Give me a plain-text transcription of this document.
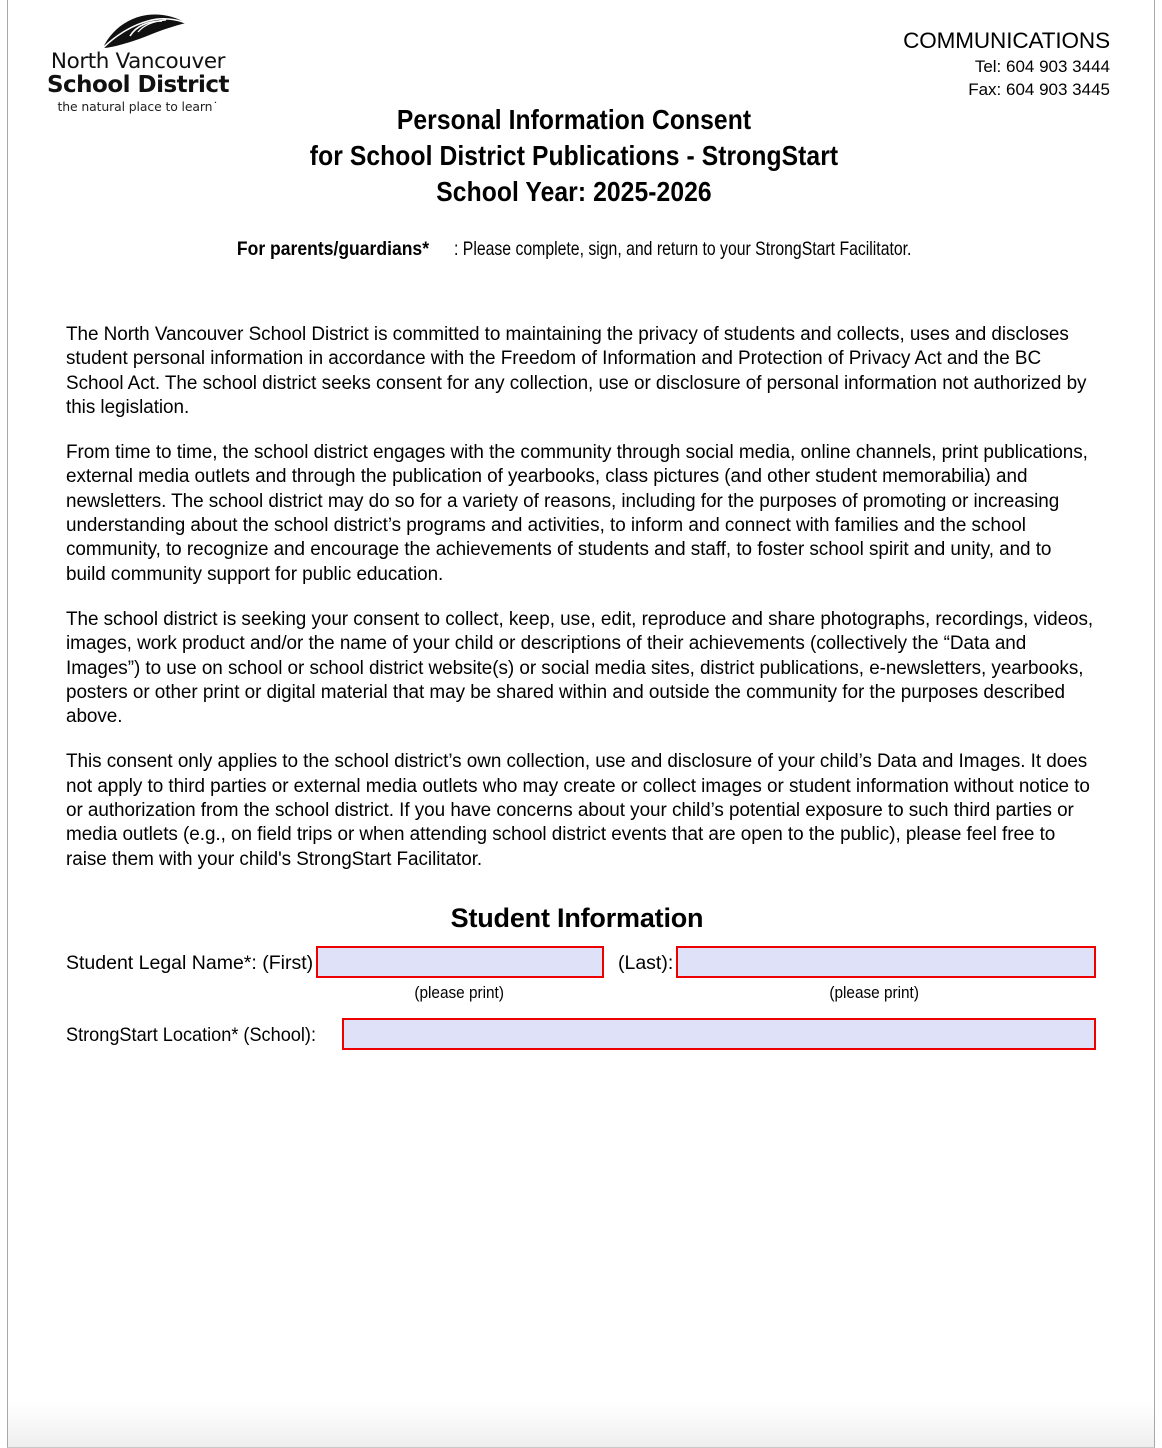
North Vancouver
School District
the natural place to learn˙
COMMUNICATIONS
Tel: 604 903 3444
Fax: 604 903 3445
Personal Information Consent
for School District Publications - StrongStart
School Year: 2025-2026
For parents/guardians*: Please complete, sign, and return to your StrongStart Facilitator.

The North Vancouver School District is committed to maintaining the privacy of students and collects, uses and discloses student personal information in accordance with the Freedom of Information and Protection of Privacy Act and the BC School Act. The school district seeks consent for any collection, use or disclosure of personal information not authorized by this legislation.

From time to time, the school district engages with the community through social media, online channels, print publications, external media outlets and through the publication of yearbooks, class pictures (and other student memorabilia) and newsletters. The school district may do so for a variety of reasons, including for the purposes of promoting or increasing understanding about the school district’s programs and activities, to inform and connect with families and the school community, to recognize and encourage the achievements of students and staff, to foster school spirit and unity, and to build community support for public education.

The school district is seeking your consent to collect, keep, use, edit, reproduce and share photographs, recordings, videos, images, work product and/or the name of your child or descriptions of their achievements (collectively the “Data and Images”) to use on school or school district website(s) or social media sites, district publications, e-newsletters, yearbooks, posters or other print or digital material that may be shared within and outside the community for the purposes described above.

This consent only applies to the school district’s own collection, use and disclosure of your child’s Data and Images. It does not apply to third parties or external media outlets who may create or collect images or student information without notice to or authorization from the school district. If you have concerns about your child’s potential exposure to such third parties or media outlets (e.g., on field trips or when attending school district events that are open to the public), please feel free to raise them with your child's StrongStart Facilitator.

Student Information
Student Legal Name*: (First)	(Last):
(please print)	(please print)
StrongStart Location* (School):
